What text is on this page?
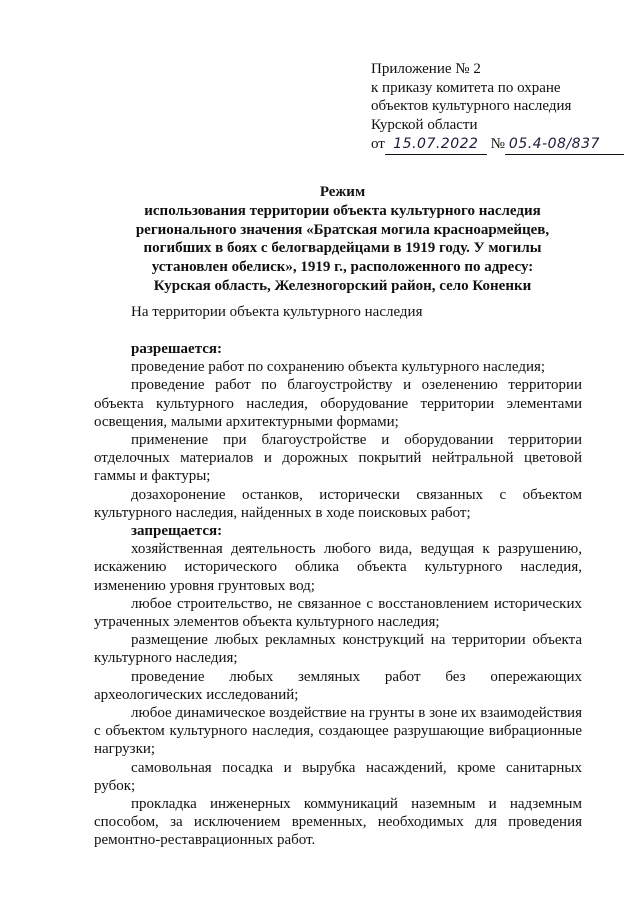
Приложение № 2
к приказу комитета по охране
объектов культурного наследия
Курской области
от 15.07.2022 № 05.4-08/837
Режим
использования территории объекта культурного наследия
регионального значения «Братская могила красноармейцев,
погибших в боях с белогвардейцами в 1919 году. У могилы
установлен обелиск», 1919 г., расположенного по адресу:
Курская область, Железногорский район, село Коненки
На территории объекта культурного наследия
разрешается:

проведение работ по сохранению объекта культурного наследия;

проведение работ по благоустройству и озеленению территории объекта культурного наследия, оборудование территории элементами освещения, малыми архитектурными формами;

применение при благоустройстве и оборудовании территории отделочных материалов и дорожных покрытий нейтральной цветовой гаммы и фактуры;

дозахоронение останков, исторически связанных с объектом культурного наследия, найденных в ходе поисковых работ;

запрещается:

хозяйственная деятельность любого вида, ведущая к разрушению, искажению исторического облика объекта культурного наследия, изменению уровня грунтовых вод;

любое строительство, не связанное с восстановлением исторических утраченных элементов объекта культурного наследия;

размещение любых рекламных конструкций на территории объекта культурного наследия;

проведение любых земляных работ без опережающих археологических исследований;

любое динамическое воздействие на грунты в зоне их взаимодействия с объектом культурного наследия, создающее разрушающие вибрационные нагрузки;

самовольная посадка и вырубка насаждений, кроме санитарных рубок;

прокладка инженерных коммуникаций наземным и надземным способом, за исключением временных, необходимых для проведения ремонтно-реставрационных работ.
